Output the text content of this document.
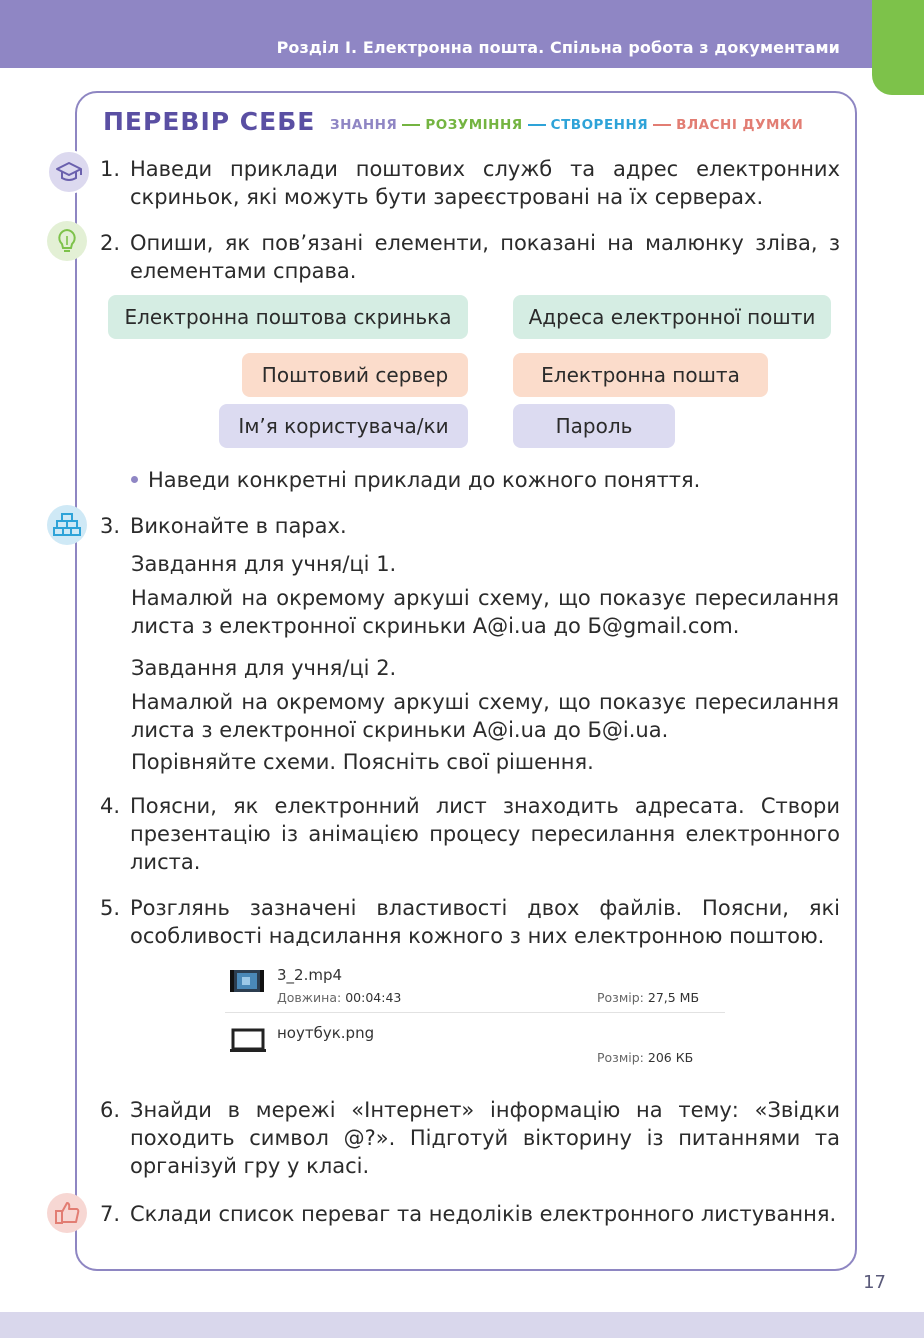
Розділ І. Електронна пошта. Спільна робота з документами
ПЕРЕВІР СЕБЕ ЗНАННЯ РОЗУМІННЯ СТВОРЕННЯ ВЛАСНІ ДУМКИ
1. Наведи приклади поштових служб та адрес електронних скриньок, які можуть бути зареєстровані на їх серверах.
2. Опиши, як пов’язані елементи, показані на малюнку зліва, з елементами справа.
Електронна поштова скринька	Адреса електронної пошти
Поштовий сервер	Електронна пошта
Ім’я користувача/ки	Пароль
Наведи конкретні приклади до кожного поняття.
3. Виконайте в парах.
Завдання для учня/ці 1.
Намалюй на окремому аркуші схему, що показує пересилання листа з електронної скриньки А@i.ua до Б@gmail.com.
Завдання для учня/ці 2.
Намалюй на окремому аркуші схему, що показує пересилання листа з електронної скриньки А@i.ua до Б@i.ua.
Порівняйте схеми. Поясніть свої рішення.
4. Поясни, як електронний лист знаходить адресата. Створи презентацію із анімацією процесу пересилання електронного листа.
5. Розглянь зазначені властивості двох файлів. Поясни, які особливості надсилання кожного з них електронною поштою.
3_2.mp4
Довжина: 00:04:43	Розмір: 27,5 МБ
ноутбук.png
Розмір: 206 КБ
6. Знайди в мережі «Інтернет» інформацію на тему: «Звідки походить символ @?». Підготуй вікторину із питаннями та організуй гру у класі.
7. Склади список переваг та недоліків електронного листування.
17
